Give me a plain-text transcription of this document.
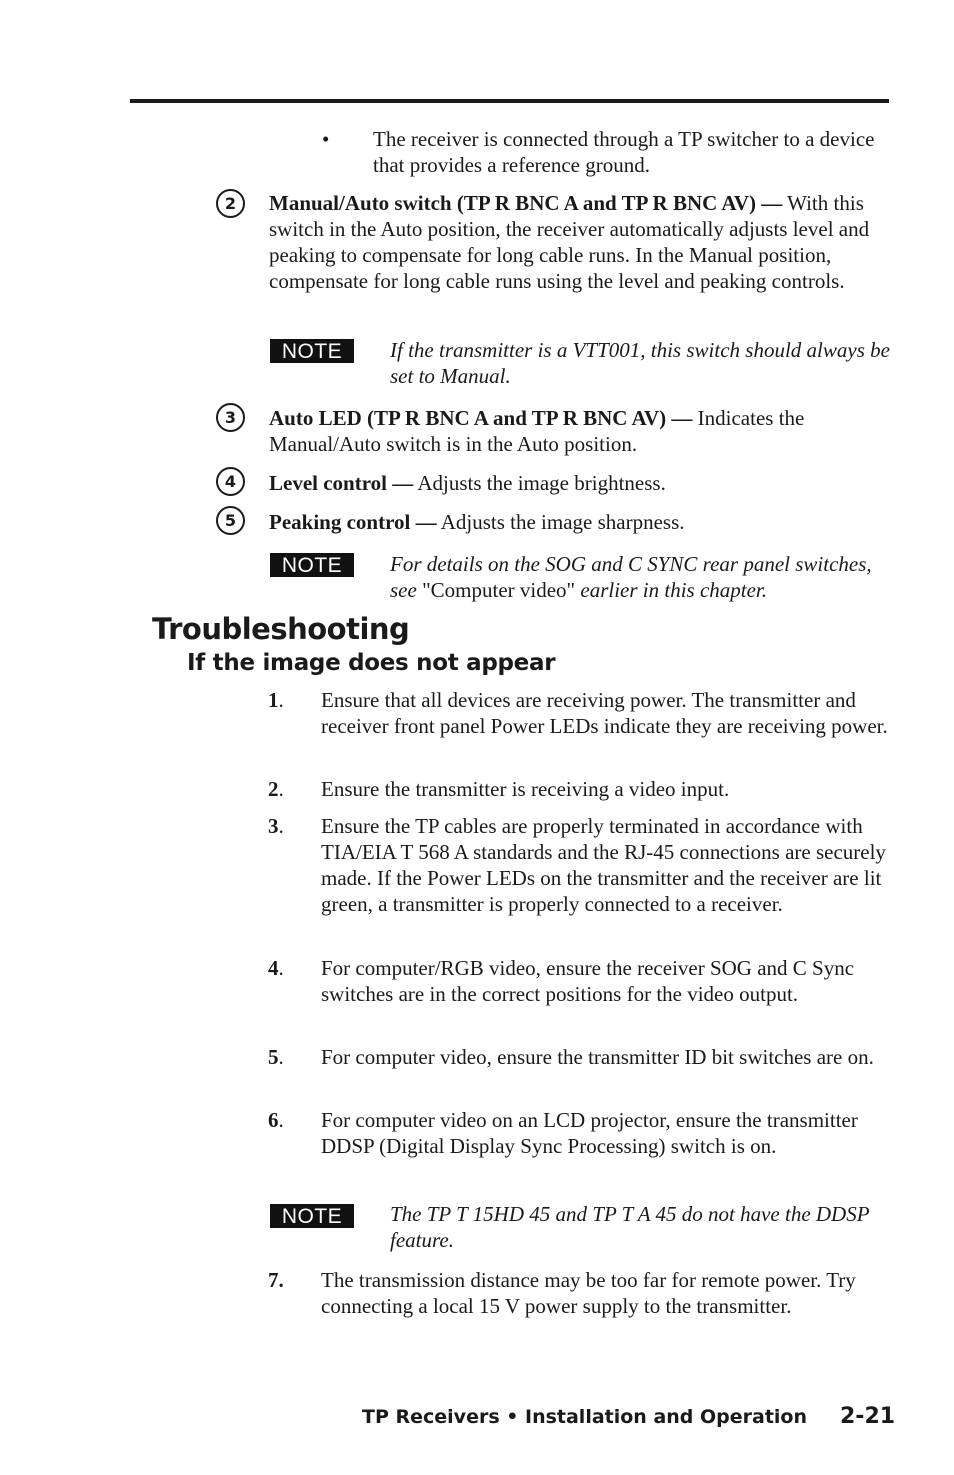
• The receiver is connected through a TP switcher to a device that provides a reference ground.
2	Manual/Auto switch (TP R BNC A and TP R BNC AV) — With this switch in the Auto position, the receiver automatically adjusts level and peaking to compensate for long cable runs. In the Manual position, compensate for long cable runs using the level and peaking controls.
NOTE	If the transmitter is a VTT001, this switch should always be set to Manual.
3	Auto LED (TP R BNC A and TP R BNC AV) — Indicates the Manual/Auto switch is in the Auto position.
4	Level control — Adjusts the image brightness.
5	Peaking control — Adjusts the image sharpness.
NOTE	For details on the SOG and C SYNC rear panel switches, see "Computer video" earlier in this chapter.
Troubleshooting
If the image does not appear
1. Ensure that all devices are receiving power. The transmitter and receiver front panel Power LEDs indicate they are receiving power.
2. Ensure the transmitter is receiving a video input.
3. Ensure the TP cables are properly terminated in accordance with TIA/EIA T 568 A standards and the RJ-45 connections are securely made. If the Power LEDs on the transmitter and the receiver are lit green, a transmitter is properly connected to a receiver.
4. For computer/RGB video, ensure the receiver SOG and C Sync switches are in the correct positions for the video output.
5. For computer video, ensure the transmitter ID bit switches are on.
6. For computer video on an LCD projector, ensure the transmitter DDSP (Digital Display Sync Processing) switch is on.
NOTE	The TP T 15HD 45 and TP T A 45 do not have the DDSP feature.
7. The transmission distance may be too far for remote power. Try connecting a local 15 V power supply to the transmitter.
TP Receivers • Installation and Operation 2-21
